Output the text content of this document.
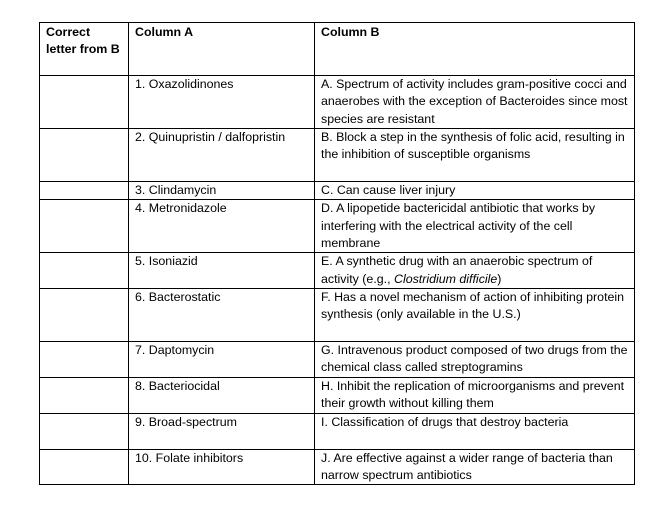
Correct letter from B	Column A	Column B
	1. Oxazolidinones	A. Spectrum of activity includes gram-positive cocci and anaerobes with the exception of Bacteroides since most species are resistant
	2. Quinupristin / dalfopristin	B. Block a step in the synthesis of folic acid, resulting in the inhibition of susceptible organisms
	3. Clindamycin	C. Can cause liver injury
	4. Metronidazole	D. A lipopetide bactericidal antibiotic that works by interfering with the electrical activity of the cell membrane
	5. Isoniazid	E. A synthetic drug with an anaerobic spectrum of activity (e.g., Clostridium difficile)
	6. Bacterostatic	F. Has a novel mechanism of action of inhibiting protein synthesis (only available in the U.S.)
	7. Daptomycin	G. Intravenous product composed of two drugs from the chemical class called streptogramins
	8. Bacteriocidal	H. Inhibit the replication of microorganisms and prevent their growth without killing them
	9. Broad-spectrum	I. Classification of drugs that destroy bacteria
	10. Folate inhibitors	J. Are effective against a wider range of bacteria than narrow spectrum antibiotics
